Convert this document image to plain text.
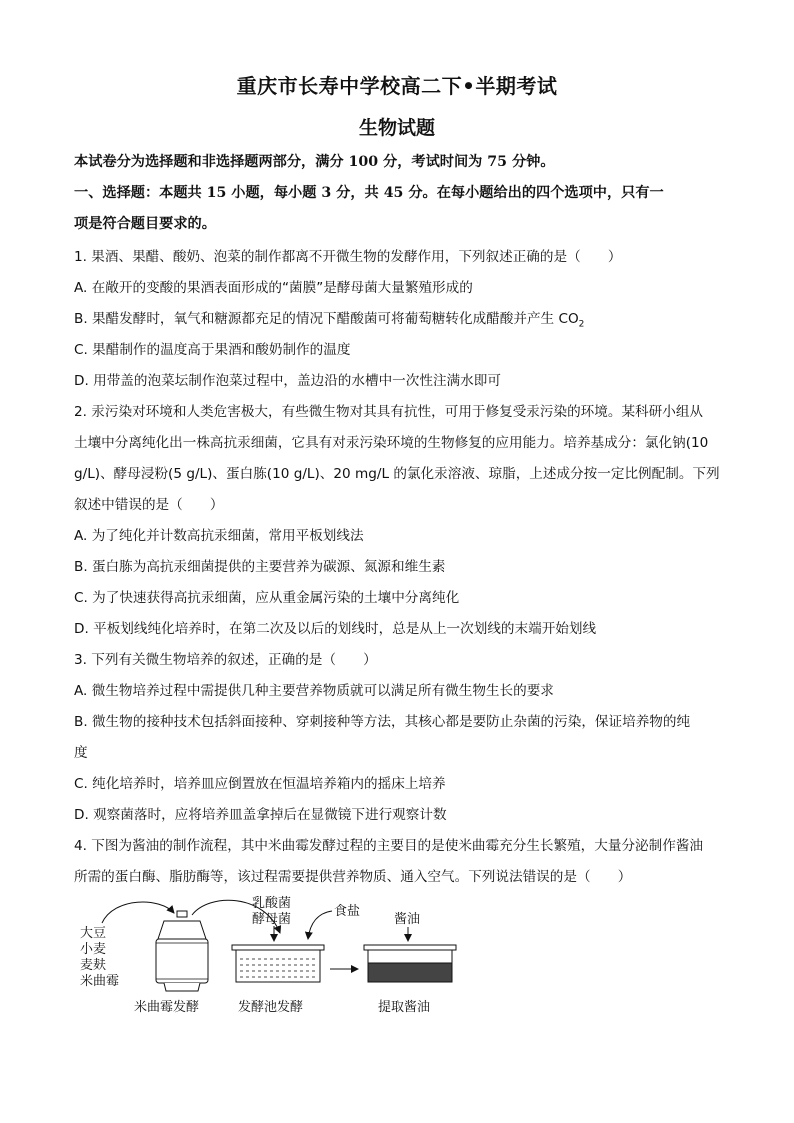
重庆市长寿中学校高二下•半期考试
生物试题
本试卷分为选择题和非选择题两部分，满分 100 分，考试时间为 75 分钟。
一、选择题：本题共 15 小题，每小题 3 分，共 45 分。在每小题给出的四个选项中，只有一
项是符合题目要求的。
1. 果酒、果醋、酸奶、泡菜的制作都离不开微生物的发酵作用，下列叙述正确的是（　　）
A. 在敞开的变酸的果酒表面形成的“菌膜”是酵母菌大量繁殖形成的
B. 果醋发酵时，氧气和糖源都充足的情况下醋酸菌可将葡萄糖转化成醋酸并产生 $CO_2$
C. 果醋制作的温度高于果酒和酸奶制作的温度
D. 用带盖的泡菜坛制作泡菜过程中，盖边沿的水槽中一次性注满水即可
2. 汞污染对环境和人类危害极大，有些微生物对其具有抗性，可用于修复受汞污染的环境。某科研小组从
土壤中分离纯化出一株高抗汞细菌，它具有对汞污染环境的生物修复的应用能力。培养基成分：氯化钠(10
g/L)、酵母浸粉(5 g/L)、蛋白胨(10 g/L)、20 mg/L 的氯化汞溶液、琼脂，上述成分按一定比例配制。下列
叙述中错误的是（　　）
A. 为了纯化并计数高抗汞细菌，常用平板划线法
B. 蛋白胨为高抗汞细菌提供的主要营养为碳源、氮源和维生素
C. 为了快速获得高抗汞细菌，应从重金属污染的土壤中分离纯化
D. 平板划线纯化培养时，在第二次及以后的划线时，总是从上一次划线的末端开始划线
3. 下列有关微生物培养的叙述，正确的是（　　）
A. 微生物培养过程中需提供几种主要营养物质就可以满足所有微生物生长的要求
B. 微生物的接种技术包括斜面接种、穿刺接种等方法，其核心都是要防止杂菌的污染，保证培养物的纯
度
C. 纯化培养时，培养皿应倒置放在恒温培养箱内的摇床上培养
D. 观察菌落时，应将培养皿盖拿掉后在显微镜下进行观察计数
4. 下图为酱油的制作流程，其中米曲霉发酵过程的主要目的是使米曲霉充分生长繁殖，大量分泌制作酱油
所需的蛋白酶、脂肪酶等，该过程需要提供营养物质、通入空气。下列说法错误的是（　　）
大豆
小麦
麦麸
米曲霉
乳酸菌
酵母菌
食盐
酱油
米曲霉发酵	发酵池发酵	提取酱油
